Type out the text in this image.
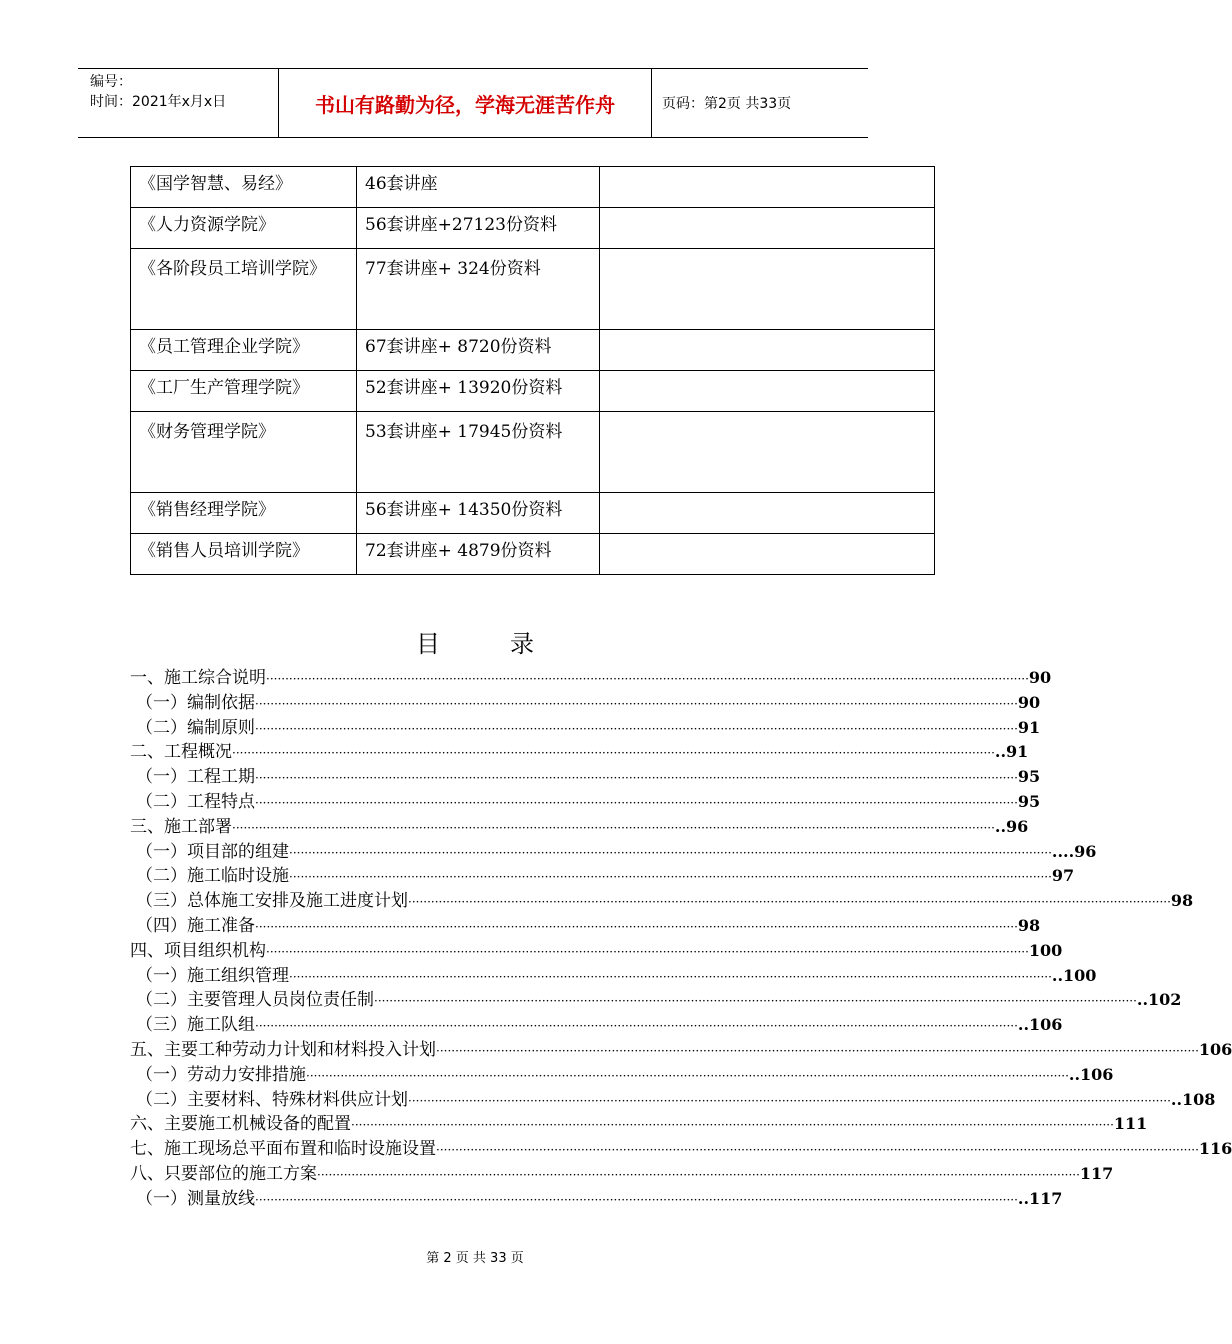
编号：
时间：2021年x月x日	书山有路勤为径，学海无涯苦作舟	页码：第2页 共33页
《国学智慧、易经》	46套讲座	
《人力资源学院》	56套讲座+27123份资料	
《各阶段员工培训学院》	77套讲座+ 324份资料	
《员工管理企业学院》	67套讲座+ 8720份资料	
《工厂生产管理学院》	52套讲座+ 13920份资料	
《财务管理学院》	53套讲座+ 17945份资料	
《销售经理学院》	56套讲座+ 14350份资料	
《销售人员培训学院》	72套讲座+ 4879份资料	
目	录
一、施工综合说明 ········································································································································································································ 90
（一）编制依据 ········································································································································································································ 90
（二）编制原则 ········································································································································································································ 91
二、工程概况 ········································································································································································································ ..91
（一）工程工期 ········································································································································································································ 95
（二）工程特点 ········································································································································································································ 95
三、施工部署 ········································································································································································································ ..96
（一）项目部的组建 ········································································································································································································ ....96
（二）施工临时设施 ········································································································································································································ 97
（三）总体施工安排及施工进度计划 ········································································································································································································ 98
（四）施工准备 ········································································································································································································ 98
四、项目组织机构 ········································································································································································································ 100
（一）施工组织管理 ········································································································································································································ ..100
（二）主要管理人员岗位责任制 ········································································································································································································ ..102
（三）施工队组 ········································································································································································································ ..106
五、主要工种劳动力计划和材料投入计划 ········································································································································································································ 106
（一）劳动力安排措施 ········································································································································································································ ..106
（二）主要材料、特殊材料供应计划 ········································································································································································································ ..108
六、主要施工机械设备的配置 ········································································································································································································ 111
七、施工现场总平面布置和临时设施设置 ········································································································································································································ 116
八、只要部位的施工方案 ········································································································································································································ 117
（一）测量放线 ········································································································································································································ ..117
第 2 页 共 33 页
